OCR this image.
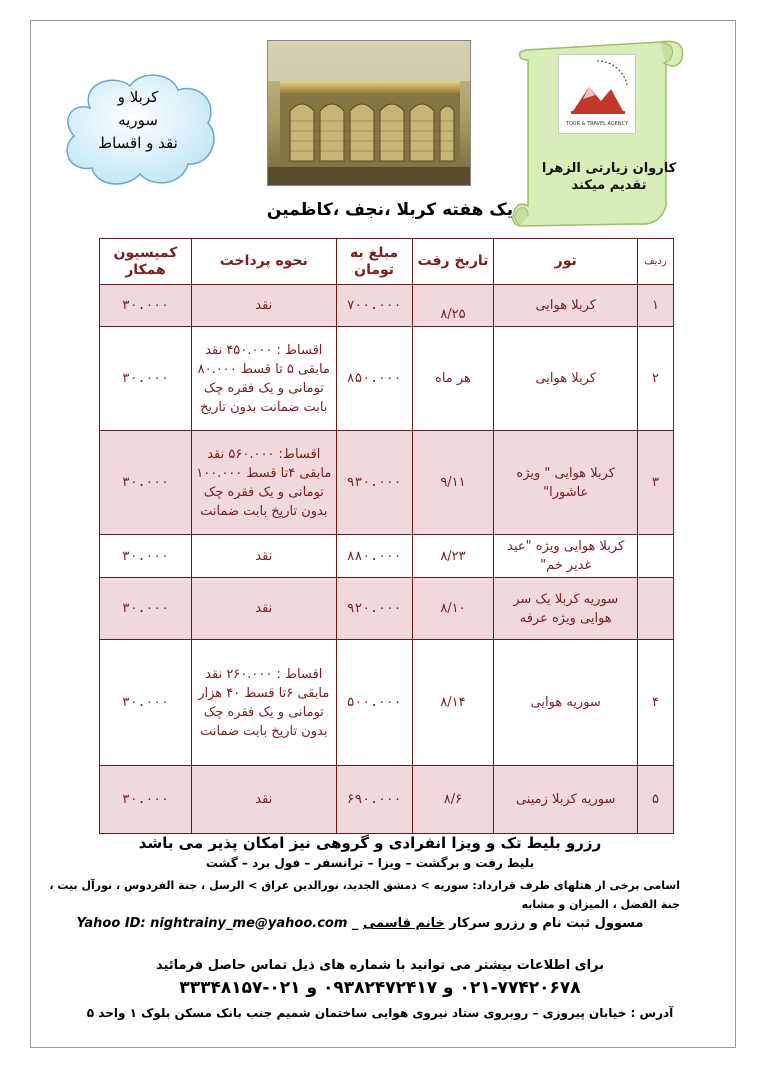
کربلا و
سوریه
نقد و اقساط
TOUR & TRAVEL AGENCY
کاروان زیارتی الزهرا
تقدیم میکند
یک هفته کربلا ،نجف ،کاظمین
ردیف	تور	تاریخ رفت	مبلغ به تومان	نحوه پرداخت	کمیسیون همکار
۱	کربلا هوایی	۸/۲۵	۷۰۰.۰۰۰	نقد	۳۰.۰۰۰
۲	کربلا هوایی	هر ماه	۸۵۰.۰۰۰	اقساط : ۴۵۰.۰۰۰ نقد مابقی ۵ تا قسط ۸۰.۰۰۰ تومانی و یک فقره چک بابت ضمانت بدون تاریخ	۳۰.۰۰۰
۳	کربلا هوایی " ویژه عاشورا"	۹/۱۱	۹۳۰.۰۰۰	اقساط: ۵۶۰.۰۰۰ نقد مابقی ۴تا قسط ۱۰۰.۰۰۰ تومانی و یک فقره چک بدون تاریخ بابت ضمانت	۳۰.۰۰۰
	کربلا هوایی ویژه "عید غدیر خم"	۸/۲۳	۸۸۰.۰۰۰	نقد	۳۰.۰۰۰
	سوریه کربلا یک سر هوایی ویژه عرفه	۸/۱۰	۹۲۰.۰۰۰	نقد	۳۰.۰۰۰
۴	سوریه هوایی	۸/۱۴	۵۰۰.۰۰۰	اقساط : ۲۶۰.۰۰۰ نقد مابقی ۶تا قسط ۴۰ هزار تومانی و یک فقره چک بدون تاریخ بابت ضمانت	۳۰.۰۰۰
۵	سوریه کربلا زمینی	۸/۶	۶۹۰.۰۰۰	نقد	۳۰.۰۰۰
رزرو بلیط تک و ویزا انفرادی و گروهی نیز امکان پذیر می باشد
بلیط رفت و برگشت – ویزا – ترانسفر – فول برد – گشت
اسامی برخی از هتلهای طرف قرارداد: سوریه > دمشق الجدید، نورالدین عراق > الرسل ، جنة الفردوس ، نورآل بیت ، جنة الفضل ، المیزان و مشابه
مسوول ثبت نام و رزرو سرکار خانم قاسمی _ Yahoo ID: nightrainy_me@yahoo.com
برای اطلاعات بیشتر می توانید با شماره های ذیل تماس حاصل فرمائید
۰۲۱-۷۷۴۲۰۶۷۸ و ۰۹۳۸۲۴۷۲۴۱۷ و ۰۲۱-۳۳۳۴۸۱۵۷
آدرس : خیابان پیروزی – روبروی ستاد نیروی هوایی ساختمان شمیم جنب بانک مسکن بلوک ۱ واحد ۵
